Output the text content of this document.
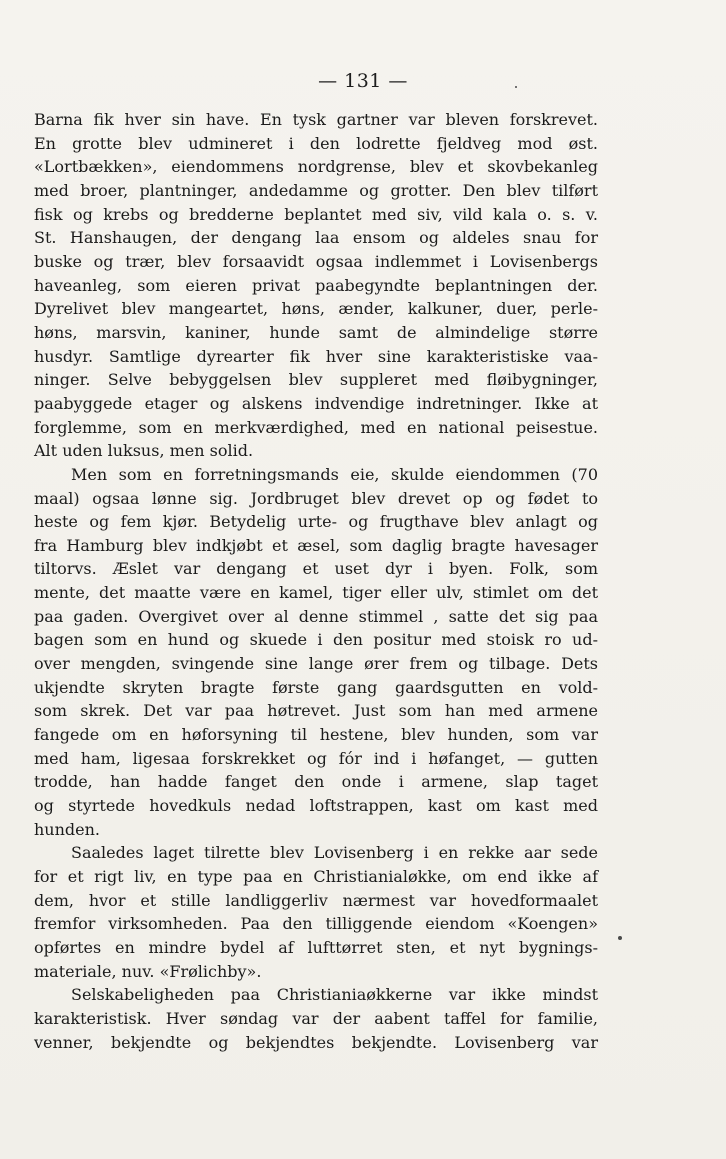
— 131 —
Barna fik hver sin have. En tysk gartner var bleven forskrevet.
En grotte blev udmineret i den lodrette fjeldveg mod øst.
«Lortbækken», eiendommens nordgrense, blev et skovbekanleg
med broer, plantninger, andedamme og grotter. Den blev tilført
fisk og krebs og bredderne beplantet med siv, vild kala o. s. v.
St. Hanshaugen, der dengang laa ensom og aldeles snau for
buske og trær, blev forsaavidt ogsaa indlemmet i Lovisenbergs
haveanleg, som eieren privat paabegyndte beplantningen der.
Dyrelivet blev mangeartet, høns, ænder, kalkuner, duer, perle-
høns, marsvin, kaniner, hunde samt de almindelige større
husdyr. Samtlige dyrearter fik hver sine karakteristiske vaa-
ninger. Selve bebyggelsen blev suppleret med fløibygninger,
paabyggede etager og alskens indvendige indretninger. Ikke at
forglemme, som en merkværdighed, med en national peisestue.
Alt uden luksus, men solid.
Men som en forretningsmands eie, skulde eiendommen (70
maal) ogsaa lønne sig. Jordbruget blev drevet op og fødet to
heste og fem kjør. Betydelig urte- og frugthave blev anlagt og
fra Hamburg blev indkjøbt et æsel, som daglig bragte havesager
tiltorvs. Æslet var dengang et uset dyr i byen. Folk, som
mente, det maatte være en kamel, tiger eller ulv, stimlet om det
paa gaden. Overgivet over al denne stimmel , satte det sig paa
bagen som en hund og skuede i den positur med stoisk ro ud-
over mengden, svingende sine lange ører frem og tilbage. Dets
ukjendte skryten bragte første gang gaardsgutten en vold-
som skrek. Det var paa høtrevet. Just som han med armene
fangede om en høforsyning til hestene, blev hunden, som var
med ham, ligesaa forskrekket og fór ind i høfanget, — gutten
trodde, han hadde fanget den onde i armene, slap taget
og styrtede hovedkuls nedad loftstrappen, kast om kast med
hunden.
Saaledes laget tilrette blev Lovisenberg i en rekke aar sede
for et rigt liv, en type paa en Christianialøkke, om end ikke af
dem, hvor et stille landliggerliv nærmest var hovedformaalet
fremfor virksomheden. Paa den tilliggende eiendom «Koengen»
opførtes en mindre bydel af lufttørret sten, et nyt bygnings-
materiale, nuv. «Frølichby».
Selskabeligheden paa Christianiaøkkerne var ikke mindst
karakteristisk. Hver søndag var der aabent taffel for familie,
venner, bekjendte og bekjendtes bekjendte. Lovisenberg var
